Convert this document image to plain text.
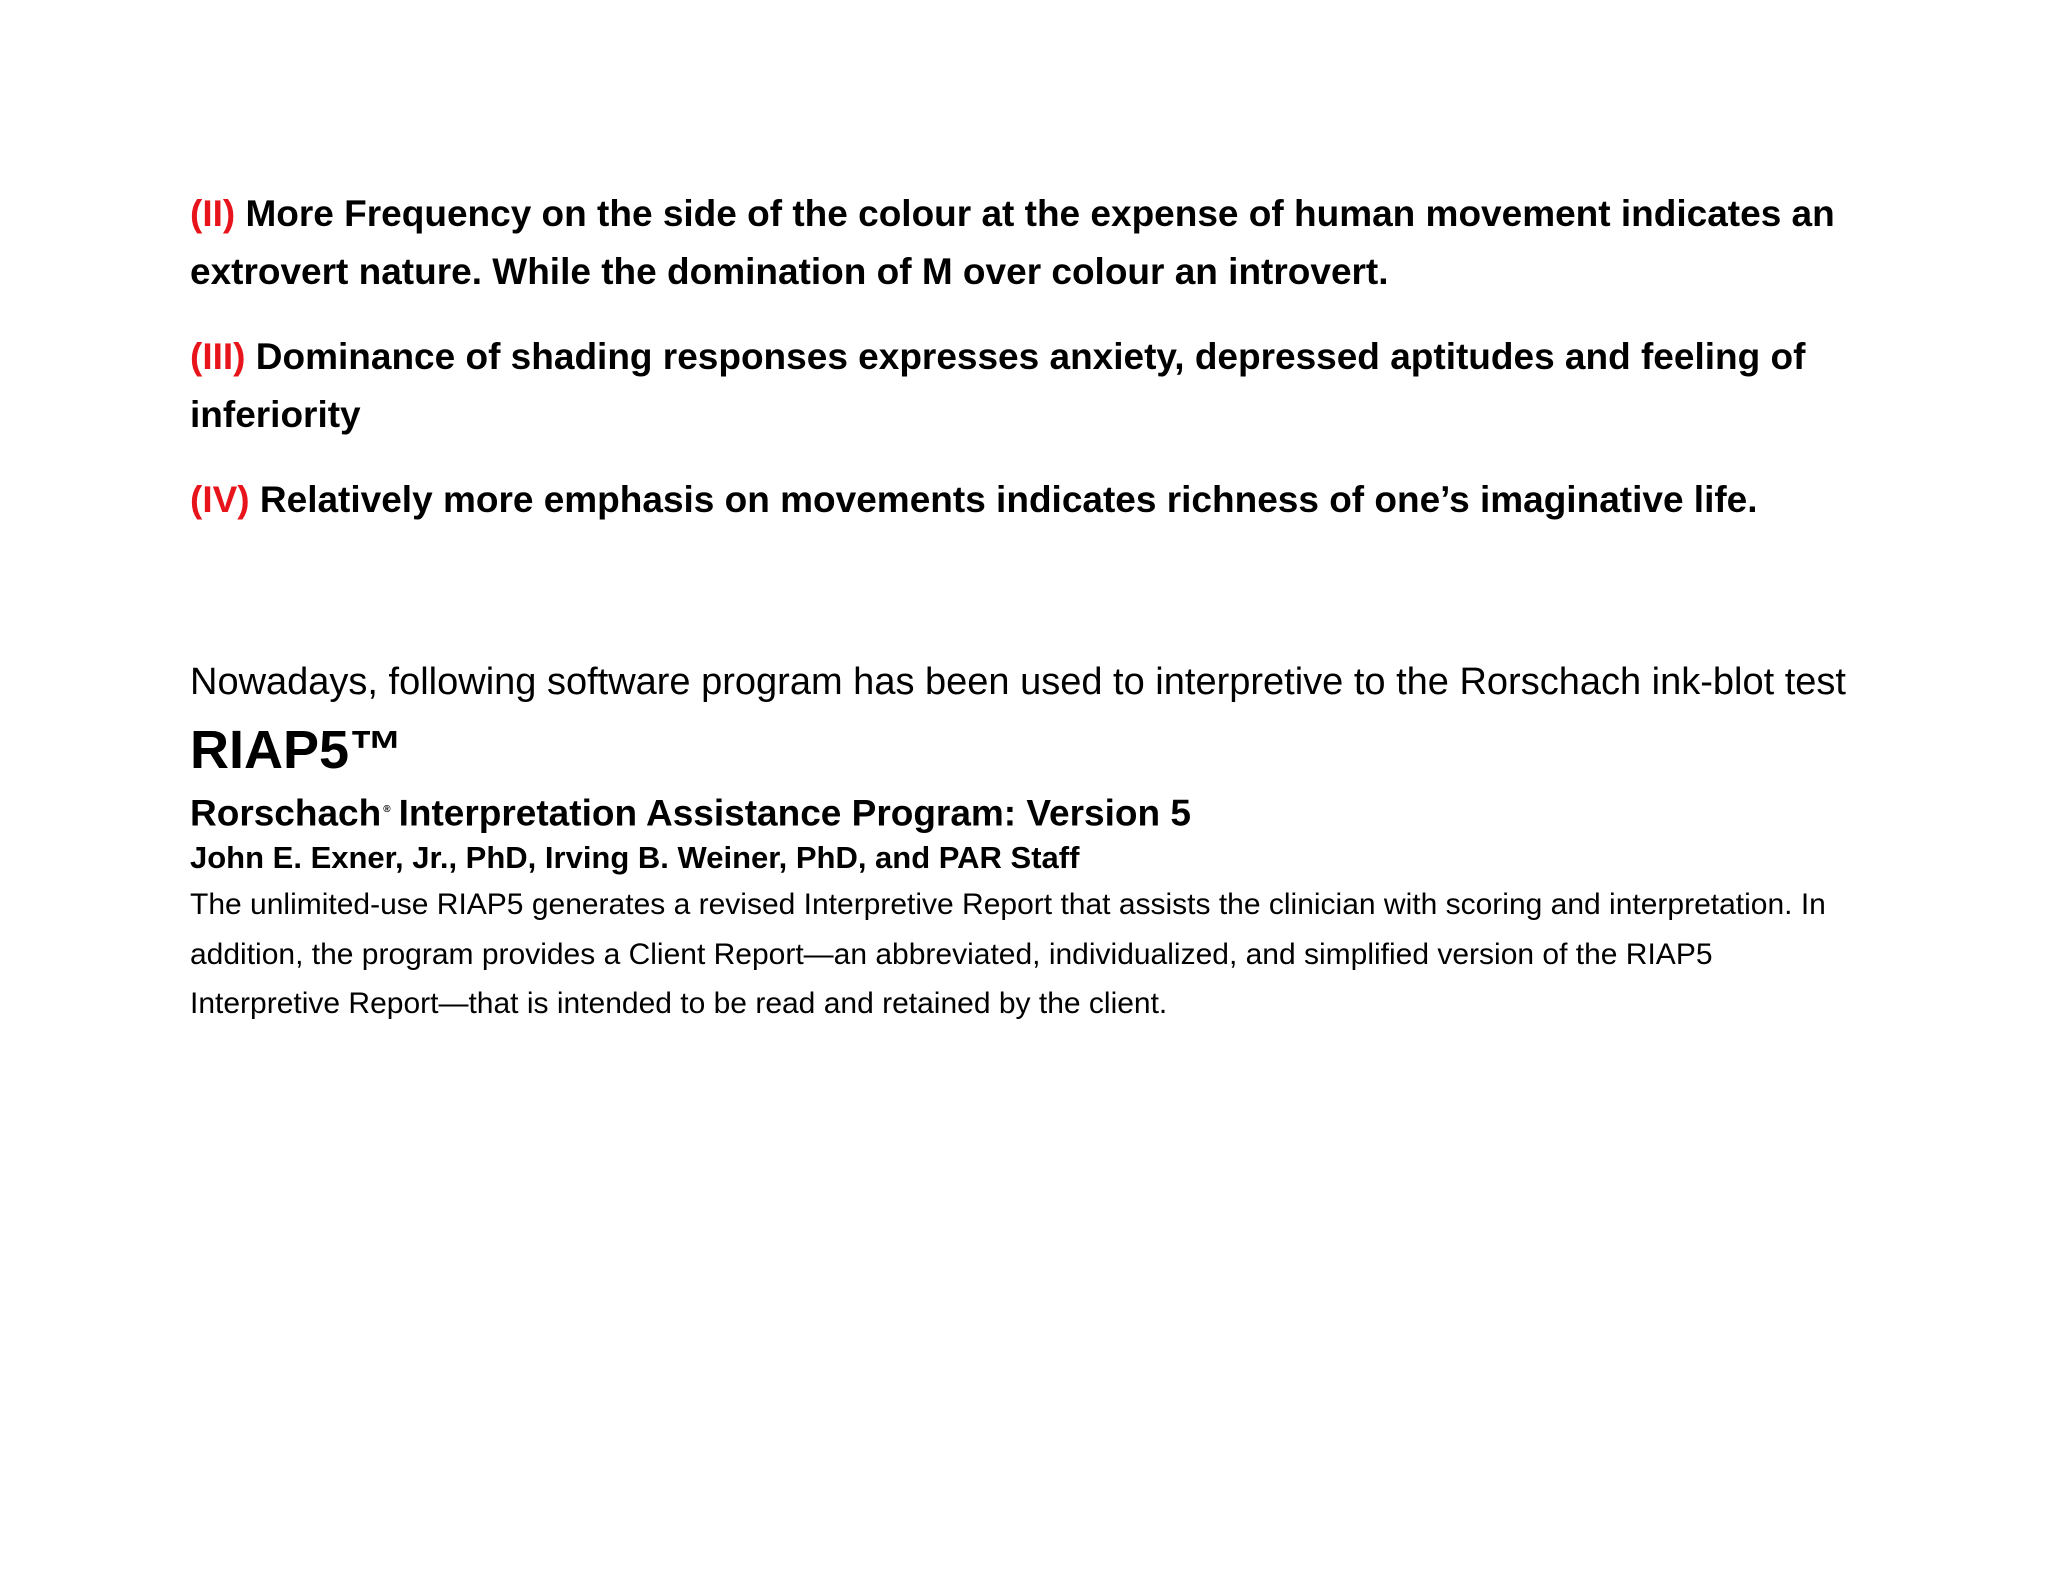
(II) More Frequency on the side of the colour at the expense of human movement indicates an extrovert nature. While the domination of M over colour an introvert.

(III) Dominance of shading responses expresses anxiety, depressed aptitudes and feeling of inferiority

(IV) Relatively more emphasis on movements indicates richness of one’s imaginative life.

Nowadays, following software program has been used to interpretive to the Rorschach ink-blot test

RIAP5™
Rorschach ® Interpretation Assistance Program: Version 5

John E. Exner, Jr., PhD, Irving B. Weiner, PhD, and PAR Staff

The unlimited-use RIAP5 generates a revised Interpretive Report that assists the clinician with scoring and interpretation. In addition, the program provides a Client Report—an abbreviated, individualized, and simplified version of the RIAP5 Interpretive Report—that is intended to be read and retained by the client.
